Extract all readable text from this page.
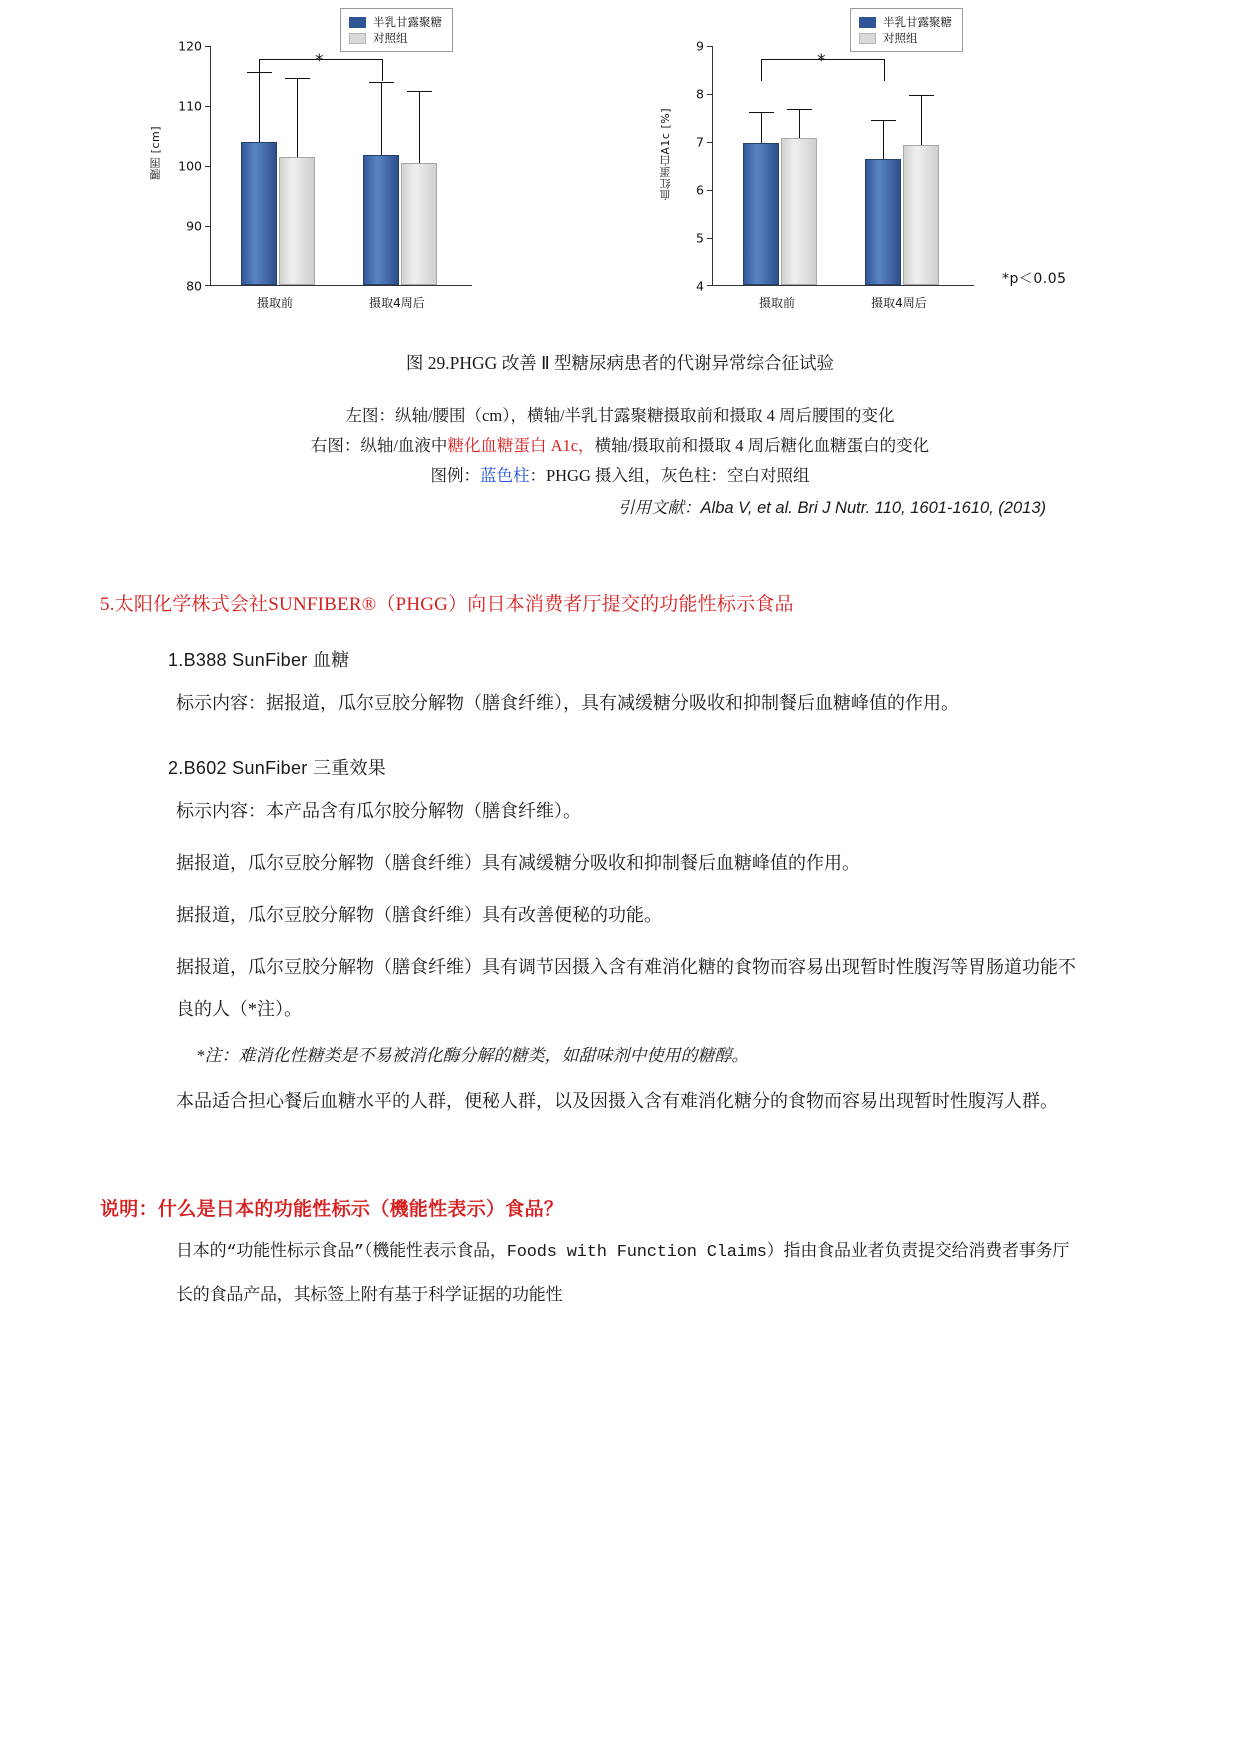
半乳甘露聚糖
对照组
腰围 [cm]
120
110
100
90
80
*
摄取前	摄取4周后
半乳甘露聚糖
对照组
血红蛋白A1c [%]
9
8
7
6
5
4
*
摄取前	摄取4周后
*p＜0.05
图 29.PHGG 改善 Ⅱ 型糖尿病患者的代谢异常综合征试验
左图：纵轴/腰围（cm），横轴/半乳甘露聚糖摄取前和摄取 4 周后腰围的变化
右图：纵轴/血液中糖化血糖蛋白 A1c，横轴/摄取前和摄取 4 周后糖化血糖蛋白的变化
图例：蓝色柱：PHGG 摄入组，灰色柱：空白对照组
引用文献：Alba V, et al. Bri J Nutr. 110, 1601-1610, (2013)
5.太阳化学株式会社SUNFIBER®（PHGG）向日本消费者厅提交的功能性标示食品
1.B388 SunFiber 血糖
标示内容：据报道，瓜尔豆胶分解物（膳食纤维），具有减缓糖分吸收和抑制餐后血糖峰值的作用。
2.B602 SunFiber 三重效果
标示内容：本产品含有瓜尔胶分解物（膳食纤维）。
据报道，瓜尔豆胶分解物（膳食纤维）具有减缓糖分吸收和抑制餐后血糖峰值的作用。
据报道，瓜尔豆胶分解物（膳食纤维）具有改善便秘的功能。
据报道，瓜尔豆胶分解物（膳食纤维）具有调节因摄入含有难消化糖的食物而容易出现暂时性腹泻等胃肠道功能不良的人（*注）。
*注：难消化性糖类是不易被消化酶分解的糖类，如甜味剂中使用的糖醇。
本品适合担心餐后血糖水平的人群，便秘人群，以及因摄入含有难消化糖分的食物而容易出现暂时性腹泻人群。
说明：什么是日本的功能性标示（機能性表示）食品？
日本的“功能性标示食品”（機能性表示食品，Foods with Function Claims）指由食品业者负责提交给消费者事务厅长的食品产品，其标签上附有基于科学证据的功能性
